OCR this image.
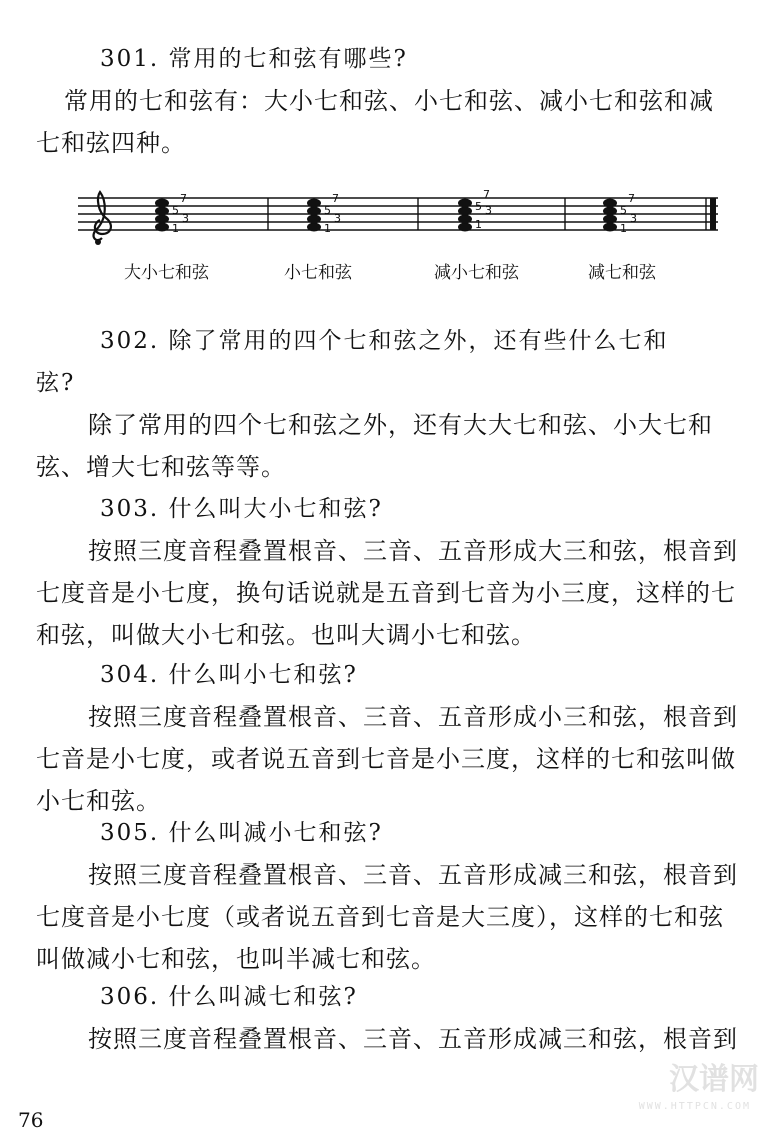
301. 常用的七和弦有哪些?
常用的七和弦有：大小七和弦、小七和弦、减小七和弦和减
七和弦四种。
7
5
3
1
7
5
3
1
7
5 3
1
7
5
3
1
大小七和弦	小七和弦	减小七和弦	减七和弦
302. 除了常用的四个七和弦之外，还有些什么七和
弦?
除了常用的四个七和弦之外，还有大大七和弦、小大七和
弦、增大七和弦等等。
303. 什么叫大小七和弦?
按照三度音程叠置根音、三音、五音形成大三和弦，根音到
七度音是小七度，换句话说就是五音到七音为小三度，这样的七
和弦，叫做大小七和弦。也叫大调小七和弦。
304. 什么叫小七和弦?
按照三度音程叠置根音、三音、五音形成小三和弦，根音到
七音是小七度，或者说五音到七音是小三度，这样的七和弦叫做
小七和弦。
305. 什么叫减小七和弦?
按照三度音程叠置根音、三音、五音形成减三和弦，根音到
七度音是小七度（或者说五音到七音是大三度），这样的七和弦
叫做减小七和弦，也叫半减七和弦。
306. 什么叫减七和弦?
按照三度音程叠置根音、三音、五音形成减三和弦，根音到
汉谱网
WWW.HTTPCN.COM
76
